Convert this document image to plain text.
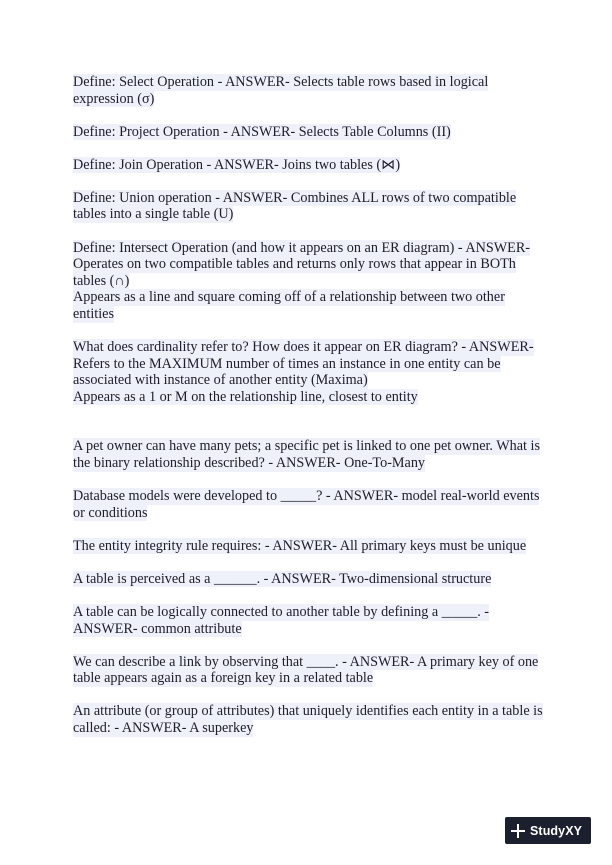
Define: Select Operation - ANSWER- Selects table rows based in logical
expression (σ)
Define: Project Operation - ANSWER- Selects Table Columns (II)
Define: Join Operation - ANSWER- Joins two tables (⋈)
Define: Union operation - ANSWER- Combines ALL rows of two compatible
tables into a single table (U)
Define: Intersect Operation (and how it appears on an ER diagram) - ANSWER-
Operates on two compatible tables and returns only rows that appear in BOTh
tables (∩)
Appears as a line and square coming off of a relationship between two other
entities
What does cardinality refer to? How does it appear on ER diagram? - ANSWER-
Refers to the MAXIMUM number of times an instance in one entity can be
associated with instance of another entity (Maxima)
Appears as a 1 or M on the relationship line, closest to entity
A pet owner can have many pets; a specific pet is linked to one pet owner. What is
the binary relationship described? - ANSWER- One-To-Many
Database models were developed to _____? - ANSWER- model real-world events
or conditions
The entity integrity rule requires: - ANSWER- All primary keys must be unique
A table is perceived as a ______. - ANSWER- Two-dimensional structure
A table can be logically connected to another table by defining a _____. -
ANSWER- common attribute
We can describe a link by observing that ____. - ANSWER- A primary key of one
table appears again as a foreign key in a related table
An attribute (or group of attributes) that uniquely identifies each entity in a table is
called: - ANSWER- A superkey
StudyXY
